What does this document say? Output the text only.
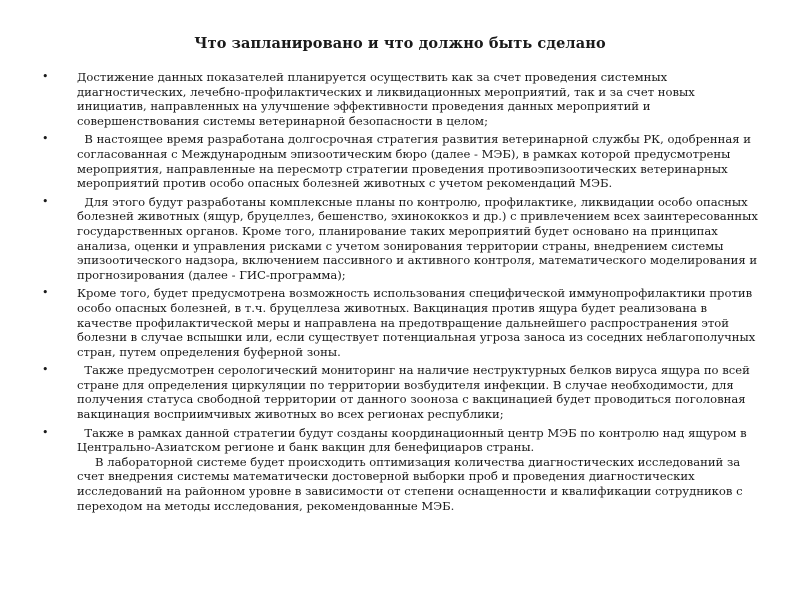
Что запланировано и что должно быть сделано
• Достижение данных показателей планируется осуществить как за счет проведения системных диагностических, лечебно-профилактических и ликвидационных мероприятий, так и за счет новых инициатив, направленных на улучшение эффективности проведения данных мероприятий и совершенствования системы ветеринарной безопасности в целом;
• В настоящее время разработана долгосрочная стратегия развития ветеринарной службы РК, одобренная и согласованная с Международным эпизоотическим бюро (далее - МЭБ), в рамках которой предусмотрены мероприятия, направленные на пересмотр стратегии проведения противоэпизоотических ветеринарных мероприятий против особо опасных болезней животных с учетом рекомендаций МЭБ.
• Для этого будут разработаны комплексные планы по контролю, профилактике, ликвидации особо опасных болезней животных (ящур, бруцеллез, бешенство, эхинококкоз и др.) с привлечением всех заинтересованных государственных органов. Кроме того, планирование таких мероприятий будет основано на принципах анализа, оценки и управления рисками с учетом зонирования территории страны, внедрением системы эпизоотического надзора, включением пассивного и активного контроля, математического моделирования и прогнозирования (далее - ГИС-программа);
• Кроме того, будет предусмотрена возможность использования специфической иммунопрофилактики против особо опасных болезней, в т.ч. бруцеллеза животных. Вакцинация против ящура будет реализована в качестве профилактической меры и направлена на предотвращение дальнейшего распространения этой болезни в случае вспышки или, если существует потенциальная угроза заноса из соседних неблагополучных стран, путем определения буферной зоны.
• Также предусмотрен серологический мониторинг на наличие неструктурных белков вируса ящура по всей стране для определения циркуляции по территории возбудителя инфекции. В случае необходимости, для получения статуса свободной территории от данного зооноза с вакцинацией будет проводиться поголовная вакцинация восприимчивых животных во всех регионах республики;
• Также в рамках данной стратегии будут созданы координационный центр МЭБ по контролю над ящуром в Центрально-Азиатском регионе и банк вакцин для бенефициаров страны.
В лабораторной системе будет происходить оптимизация количества диагностических исследований за счет внедрения системы математически достоверной выборки проб и проведения диагностических исследований на районном уровне в зависимости от степени оснащенности и квалификации сотрудников с переходом на методы исследования, рекомендованные МЭБ.
